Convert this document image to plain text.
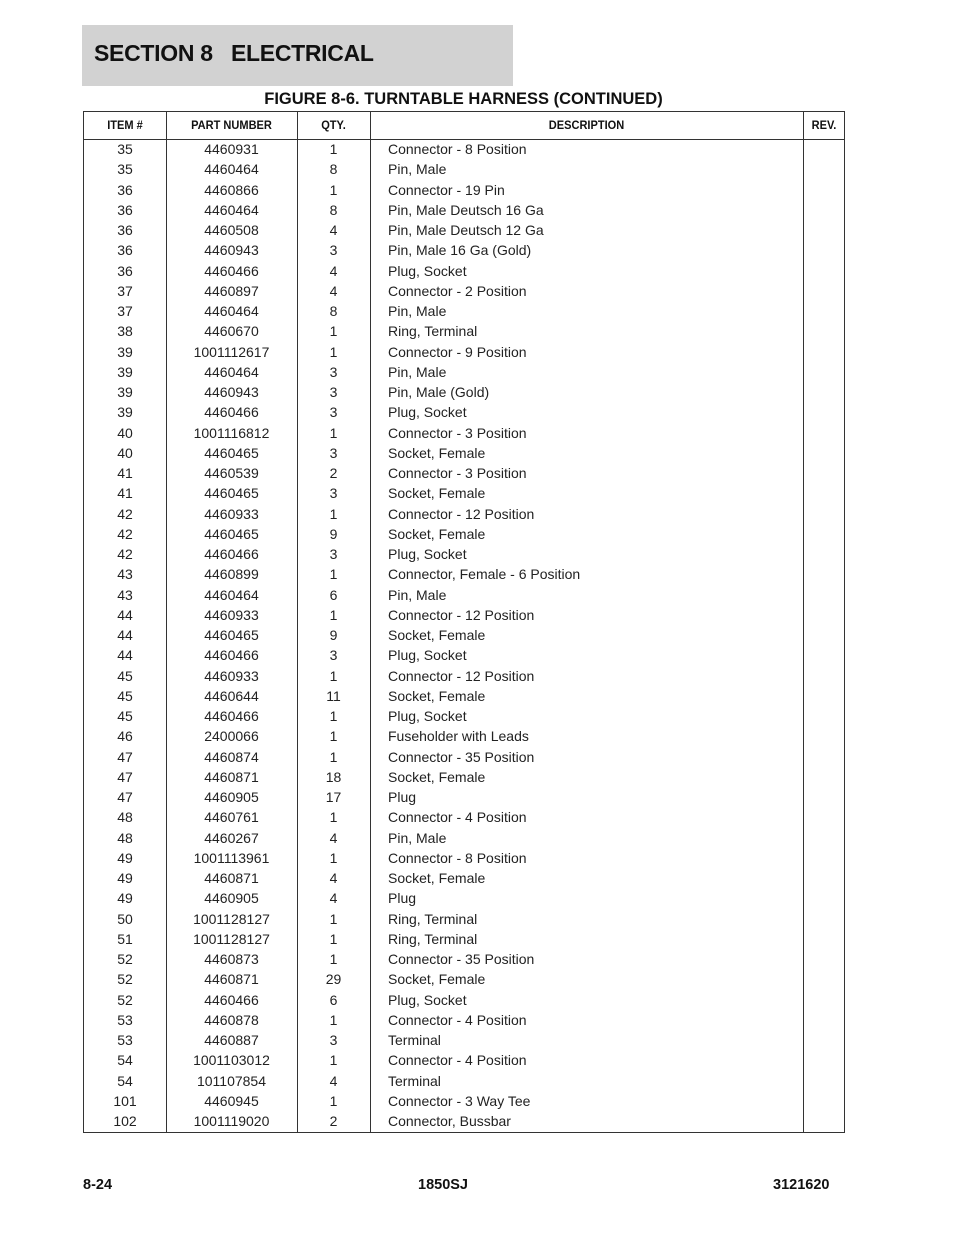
SECTION 8   ELECTRICAL
FIGURE 8-6. TURNTABLE HARNESS (CONTINUED)
ITEM #	PART NUMBER	QTY.	DESCRIPTION	REV.
35	4460931	1	Connector - 8 Position
35	4460464	8	Pin, Male
36	4460866	1	Connector - 19 Pin
36	4460464	8	Pin, Male Deutsch 16 Ga
36	4460508	4	Pin, Male Deutsch 12 Ga
36	4460943	3	Pin, Male 16 Ga (Gold)
36	4460466	4	Plug, Socket
37	4460897	4	Connector - 2 Position
37	4460464	8	Pin, Male
38	4460670	1	Ring, Terminal
39	1001112617	1	Connector - 9 Position
39	4460464	3	Pin, Male
39	4460943	3	Pin, Male (Gold)
39	4460466	3	Plug, Socket
40	1001116812	1	Connector - 3 Position
40	4460465	3	Socket, Female
41	4460539	2	Connector - 3 Position
41	4460465	3	Socket, Female
42	4460933	1	Connector - 12 Position
42	4460465	9	Socket, Female
42	4460466	3	Plug, Socket
43	4460899	1	Connector, Female - 6 Position
43	4460464	6	Pin, Male
44	4460933	1	Connector - 12 Position
44	4460465	9	Socket, Female
44	4460466	3	Plug, Socket
45	4460933	1	Connector - 12 Position
45	4460644	11	Socket, Female
45	4460466	1	Plug, Socket
46	2400066	1	Fuseholder with Leads
47	4460874	1	Connector - 35 Position
47	4460871	18	Socket, Female
47	4460905	17	Plug
48	4460761	1	Connector - 4 Position
48	4460267	4	Pin, Male
49	1001113961	1	Connector - 8 Position
49	4460871	4	Socket, Female
49	4460905	4	Plug
50	1001128127	1	Ring, Terminal
51	1001128127	1	Ring, Terminal
52	4460873	1	Connector - 35 Position
52	4460871	29	Socket, Female
52	4460466	6	Plug, Socket
53	4460878	1	Connector - 4 Position
53	4460887	3	Terminal
54	1001103012	1	Connector - 4 Position
54	101107854	4	Terminal
101	4460945	1	Connector - 3 Way Tee
102	1001119020	2	Connector, Bussbar
8-24	1850SJ	3121620
